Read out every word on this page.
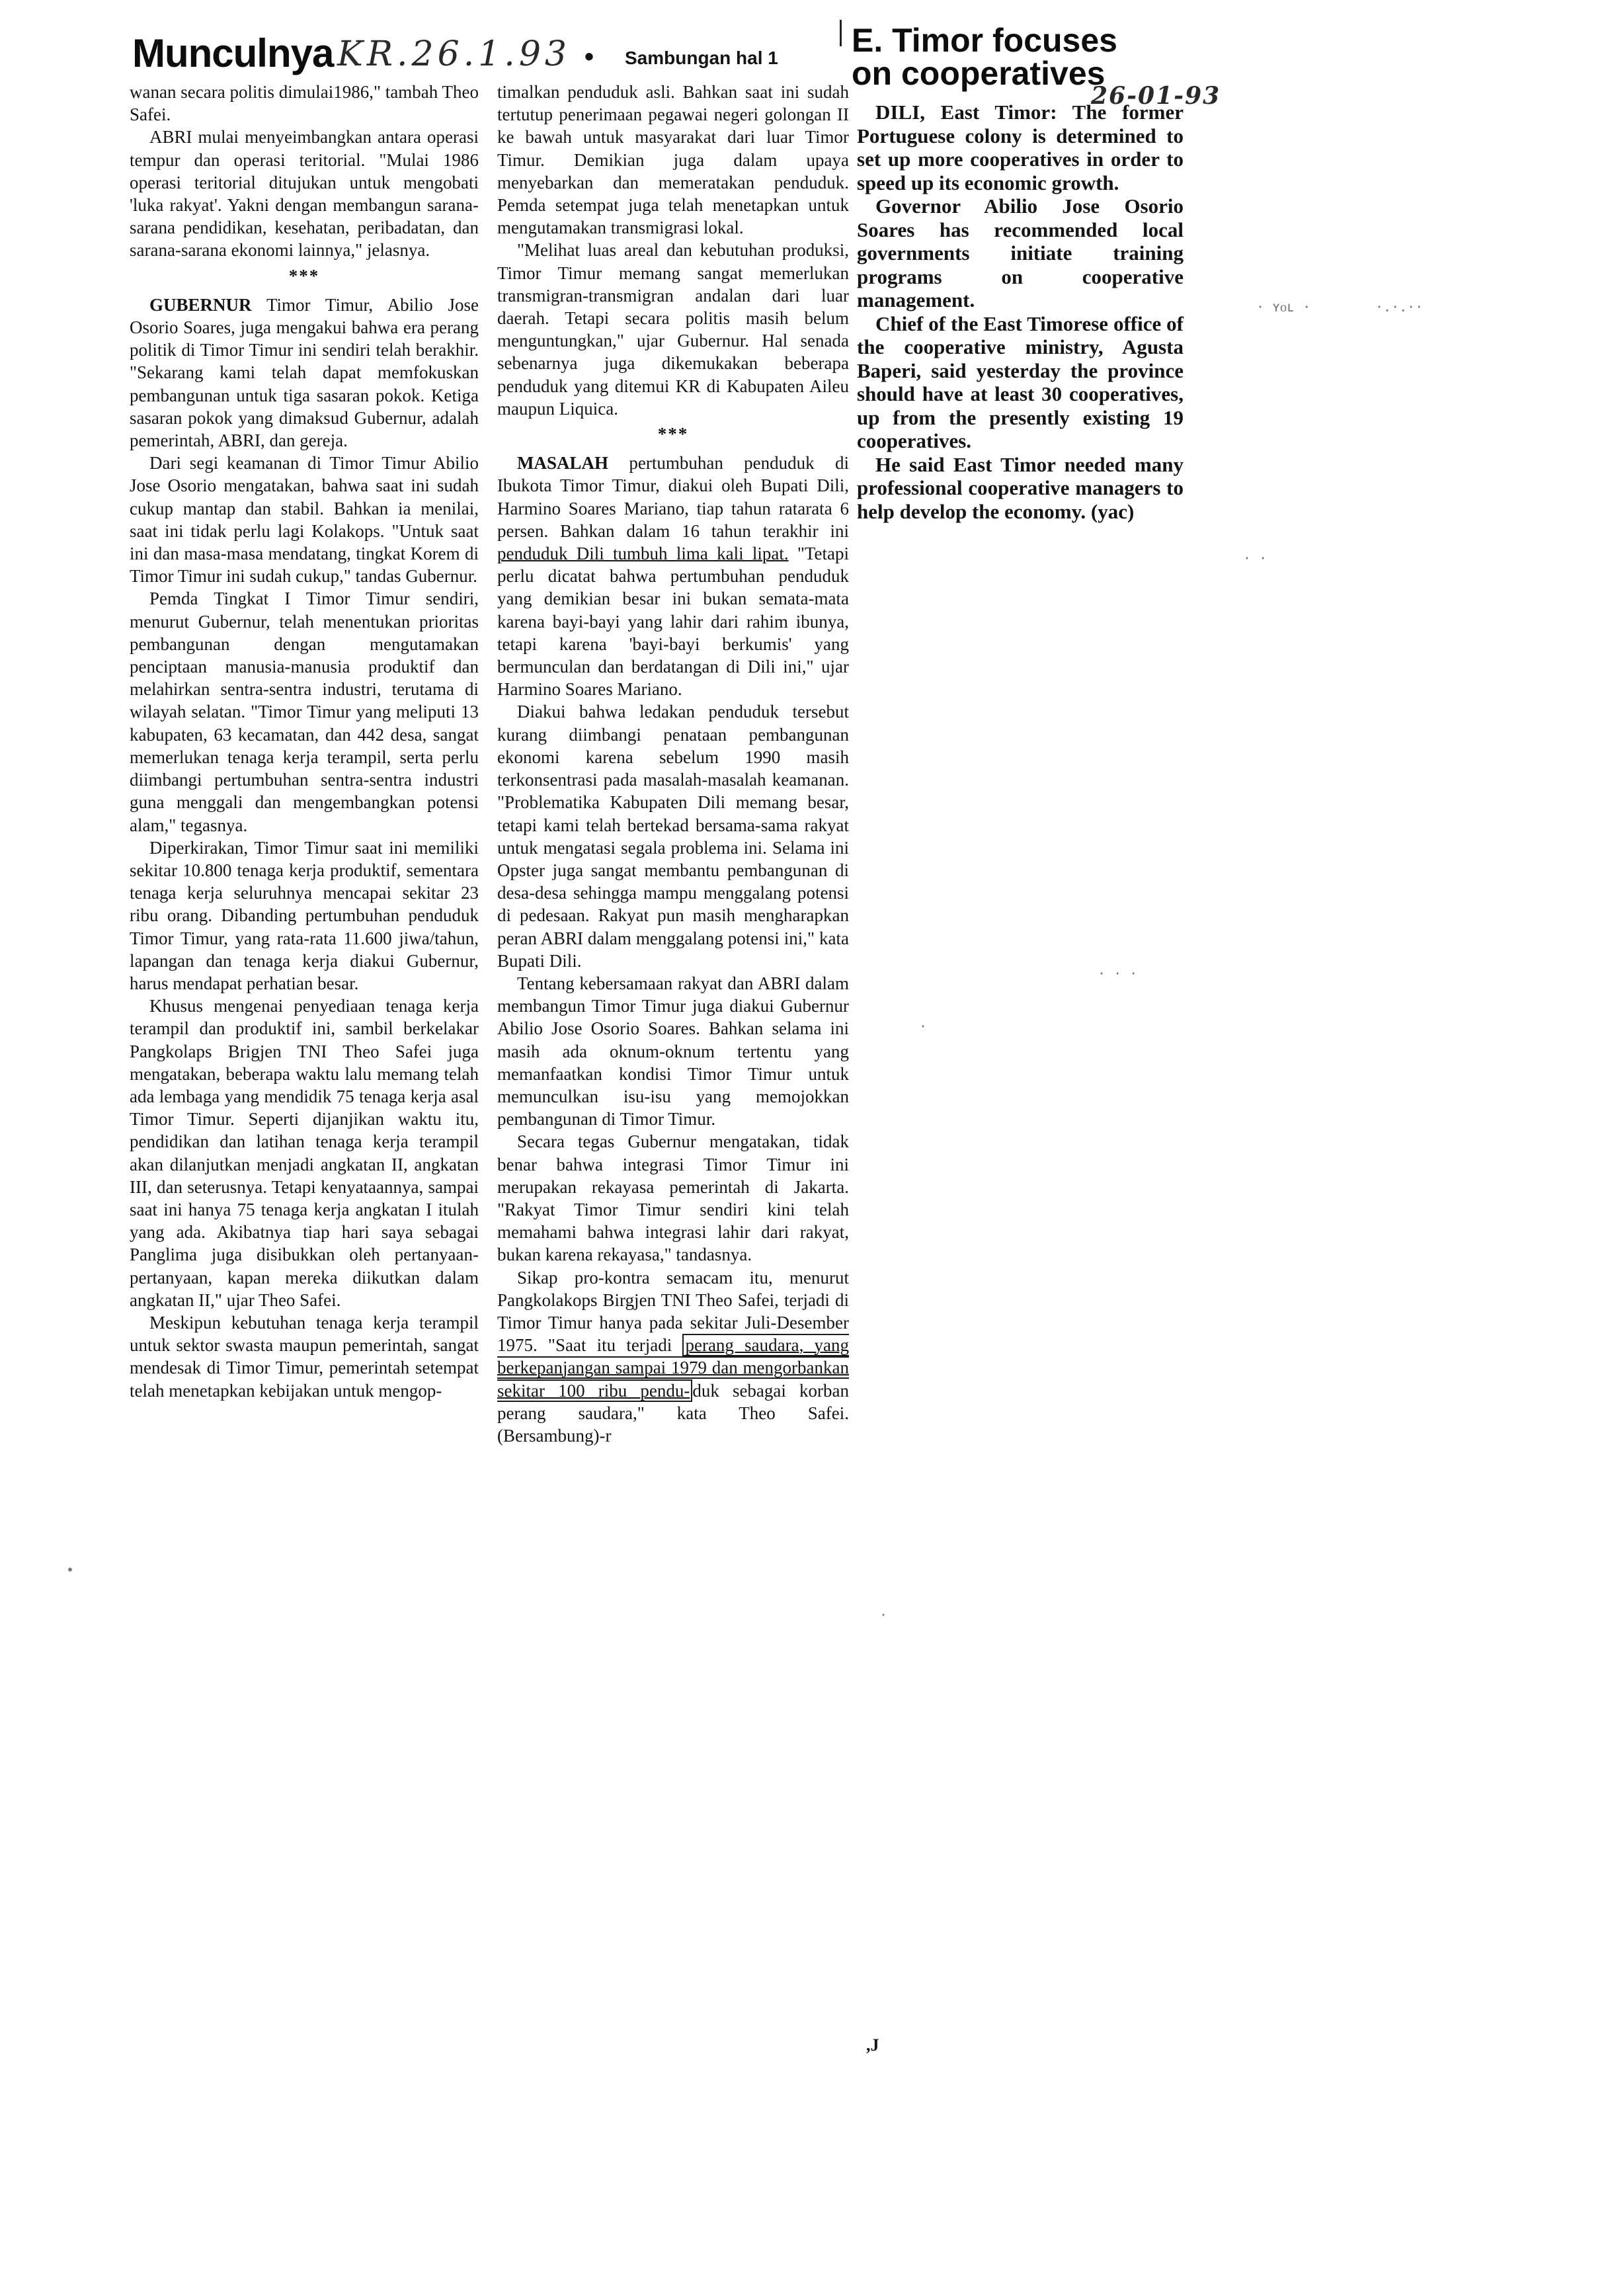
Munculnya KR.26.1.93 • Sambungan hal 1

wanan secara politis dimulai1986," tambah Theo Safei.

ABRI mulai menyeimbangkan antara operasi tempur dan operasi teritorial. "Mulai 1986 operasi teritorial ditujukan untuk mengobati 'luka rakyat'. Yakni dengan membangun sarana-sarana pendidikan, kesehatan, peribadatan, dan sarana-sarana ekonomi lainnya," jelasnya.

***

GUBERNUR Timor Timur, Abilio Jose Osorio Soares, juga mengakui bahwa era perang politik di Timor Timur ini sendiri telah berakhir. "Sekarang kami telah dapat memfokuskan pembangunan untuk tiga sasaran pokok. Ketiga sasaran pokok yang dimaksud Gubernur, adalah pemerintah, ABRI, dan gereja.

Dari segi keamanan di Timor Timur Abilio Jose Osorio mengatakan, bahwa saat ini sudah cukup mantap dan stabil. Bahkan ia menilai, saat ini tidak perlu lagi Kolakops. "Untuk saat ini dan masa-masa mendatang, tingkat Korem di Timor Timur ini sudah cukup," tandas Gubernur.

Pemda Tingkat I Timor Timur sendiri, menurut Gubernur, telah menentukan prioritas pembangunan dengan mengutamakan penciptaan manusia-manusia produktif dan melahirkan sentra-sentra industri, terutama di wilayah selatan. "Timor Timur yang meliputi 13 kabupaten, 63 kecamatan, dan 442 desa, sangat memerlukan tenaga kerja terampil, serta perlu diimbangi pertumbuhan sentra-sentra industri guna menggali dan mengembangkan potensi alam," tegasnya.

Diperkirakan, Timor Timur saat ini memiliki sekitar 10.800 tenaga kerja produktif, sementara tenaga kerja seluruhnya mencapai sekitar 23 ribu orang. Dibanding pertumbuhan penduduk Timor Timur, yang rata-rata 11.600 jiwa/tahun, lapangan dan tenaga kerja diakui Gubernur, harus mendapat perhatian besar.

Khusus mengenai penyediaan tenaga kerja terampil dan produktif ini, sambil berkelakar Pangkolaps Brigjen TNI Theo Safei juga mengatakan, beberapa waktu lalu memang telah ada lembaga yang mendidik 75 tenaga kerja asal Timor Timur. Seperti dijanjikan waktu itu, pendidikan dan latihan tenaga kerja terampil akan dilanjutkan menjadi angkatan II, angkatan III, dan seterusnya. Tetapi kenyataannya, sampai saat ini hanya 75 tenaga kerja angkatan I itulah yang ada. Akibatnya tiap hari saya sebagai Panglima juga disibukkan oleh pertanyaan-pertanyaan, kapan mereka diikutkan dalam angkatan II," ujar Theo Safei.

Meskipun kebutuhan tenaga kerja terampil untuk sektor swasta maupun pemerintah, sangat mendesak di Timor Timur, pemerintah setempat telah menetapkan kebijakan untuk mengop-

timalkan penduduk asli. Bahkan saat ini sudah tertutup penerimaan pegawai negeri golongan II ke bawah untuk masyarakat dari luar Timor Timur. Demikian juga dalam upaya menyebarkan dan memeratakan penduduk. Pemda setempat juga telah menetapkan untuk mengutamakan transmigrasi lokal.

"Melihat luas areal dan kebutuhan produksi, Timor Timur memang sangat memerlukan transmigran-transmigran andalan dari luar daerah. Tetapi secara politis masih belum menguntungkan," ujar Gubernur. Hal senada sebenarnya juga dikemukakan beberapa penduduk yang ditemui KR di Kabupaten Aileu maupun Liquica.

***

MASALAH pertumbuhan penduduk di Ibukota Timor Timur, diakui oleh Bupati Dili, Harmino Soares Mariano, tiap tahun ratarata 6 persen. Bahkan dalam 16 tahun terakhir ini penduduk Dili tumbuh lima kali lipat. "Tetapi perlu dicatat bahwa pertumbuhan penduduk yang demikian besar ini bukan semata-mata karena bayi-bayi yang lahir dari rahim ibunya, tetapi karena 'bayi-bayi berkumis' yang bermunculan dan berdatangan di Dili ini," ujar Harmino Soares Mariano.

Diakui bahwa ledakan penduduk tersebut kurang diimbangi penataan pembangunan ekonomi karena sebelum 1990 masih terkonsentrasi pada masalah-masalah keamanan. "Problematika Kabupaten Dili memang besar, tetapi kami telah bertekad bersama-sama rakyat untuk mengatasi segala problema ini. Selama ini Opster juga sangat membantu pembangunan di desa-desa sehingga mampu menggalang potensi di pedesaan. Rakyat pun masih mengharapkan peran ABRI dalam menggalang potensi ini," kata Bupati Dili.

Tentang kebersamaan rakyat dan ABRI dalam membangun Timor Timur juga diakui Gubernur Abilio Jose Osorio Soares. Bahkan selama ini masih ada oknum-oknum tertentu yang memanfaatkan kondisi Timor Timur untuk memunculkan isu-isu yang memojokkan pembangunan di Timor Timur.

Secara tegas Gubernur mengatakan, tidak benar bahwa integrasi Timor Timur ini merupakan rekayasa pemerintah di Jakarta. "Rakyat Timor Timur sendiri kini telah memahami bahwa integrasi lahir dari rakyat, bukan karena rekayasa," tandasnya.

Sikap pro-kontra semacam itu, menurut Pangkolakops Birgjen TNI Theo Safei, terjadi di Timor Timur hanya pada sekitar Juli-Desember 1975. "Saat itu terjadi perang saudara, yang berkepanjangan sampai 1979 dan mengorbankan sekitar 100 ribu pendu- duk sebagai korban perang saudara," kata Theo Safei. (Bersambung)-r

E. Timor focuses
on cooperatives
26-01-93

DILI, East Timor: The former Portuguese colony is determined to set up more cooperatives in order to speed up its economic growth.

Governor Abilio Jose Osorio Soares has recommended local governments initiate training programs on cooperative management.

Chief of the East Timorese office of the cooperative ministry, Agusta Baperi, said yesterday the province should have at least 30 cooperatives, up from the presently existing 19 cooperatives.

He said East Timor needed many professional cooperative managers to help develop the economy. (yac)

,J
· ʏᴏʟ ·	·.·.··
· ·
· · ·
·
•
·
